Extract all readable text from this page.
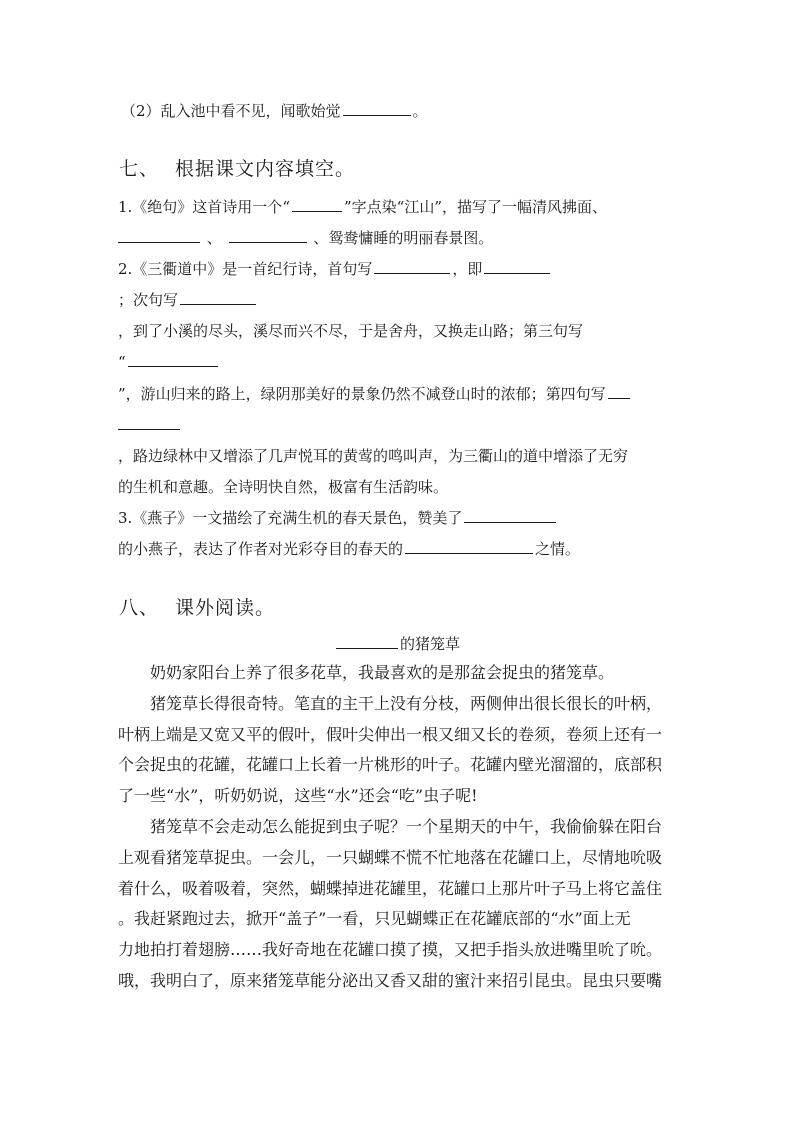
（2）乱入池中看不见，闻歌始觉	。
七、 根据课文内容填空。
1.《绝句》这首诗用一个“	”字点染“江山”，描写了一幅清风拂面、
、	、鸳鸯慵睡的明丽春景图。
2.《三衢道中》是一首纪行诗，首句写	，即
；次句写
，到了小溪的尽头，溪尽而兴不尽，于是舍舟，又换走山路；第三句写
“
”，游山归来的路上，绿阴那美好的景象仍然不减登山时的浓郁；第四句写
，路边绿林中又增添了几声悦耳的黄莺的鸣叫声，为三衢山的道中增添了无穷
的生机和意趣。全诗明快自然，极富有生活韵味。
3.《燕子》一文描绘了充满生机的春天景色，赞美了
的小燕子，表达了作者对光彩夺目的春天的	之情。
八、 课外阅读。
的猪笼草
　　奶奶家阳台上养了很多花草，我最喜欢的是那盆会捉虫的猪笼草。
　　猪笼草长得很奇特。笔直的主干上没有分枝，两侧伸出很长很长的叶柄，
叶柄上端是又宽又平的假叶，假叶尖伸出一根又细又长的卷须，卷须上还有一
个会捉虫的花罐，花罐口上长着一片桃形的叶子。花罐内壁光溜溜的，底部积
了一些“水”，听奶奶说，这些“水”还会“吃”虫子呢!
　　猪笼草不会走动怎么能捉到虫子呢？一个星期天的中午，我偷偷躲在阳台
上观看猪笼草捉虫。一会儿，一只蝴蝶不慌不忙地落在花罐口上，尽情地吮吸
着什么，吸着吸着，突然，蝴蝶掉进花罐里，花罐口上那片叶子马上将它盖住
。我赶紧跑过去，掀开“盖子”一看，只见蝴蝶正在花罐底部的“水”面上无
力地拍打着翅膀……我好奇地在花罐口摸了摸，又把手指头放进嘴里吮了吮。
哦，我明白了，原来猪笼草能分泌出又香又甜的蜜汁来招引昆虫。昆虫只要嘴
